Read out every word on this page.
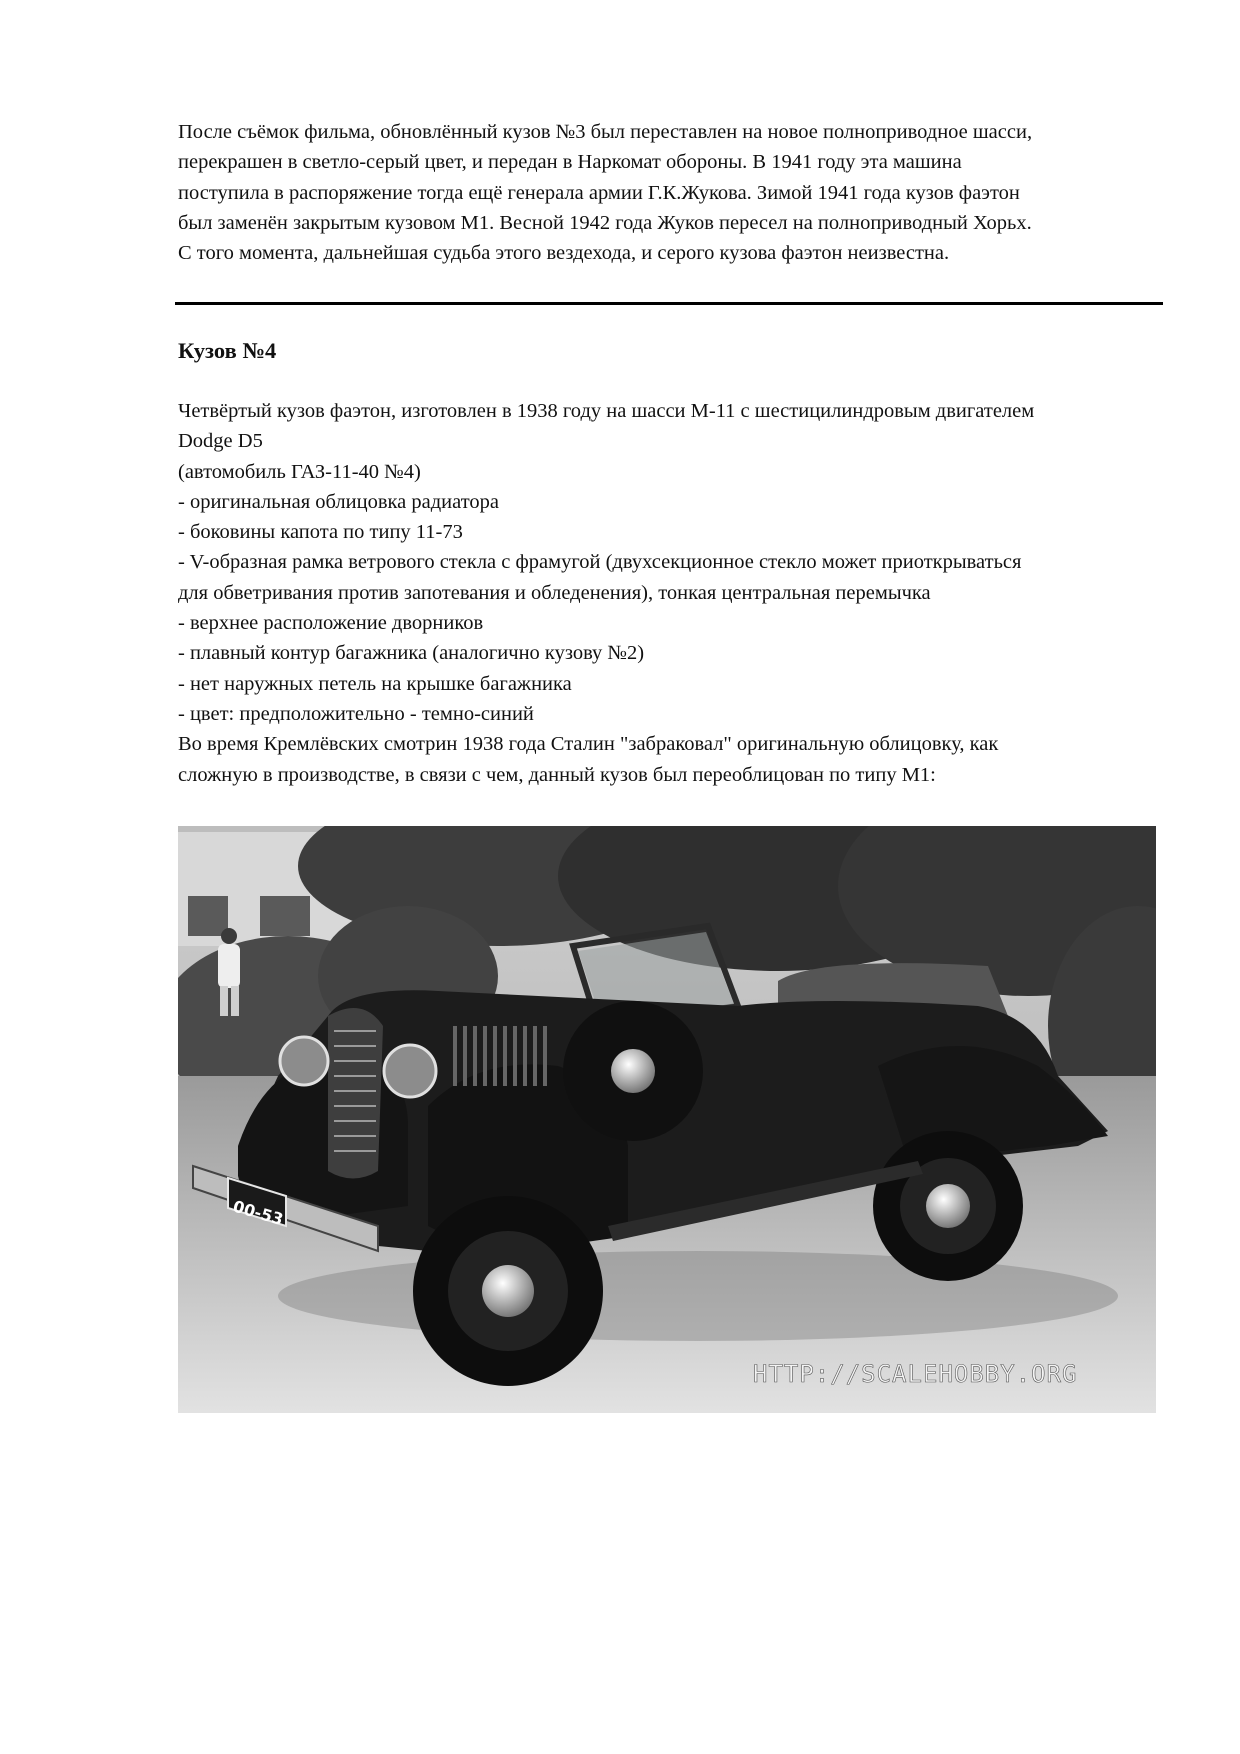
После съёмок фильма, обновлённый кузов №3 был переставлен на новое полноприводное шасси,
перекрашен в светло-серый цвет, и передан в Наркомат обороны. В 1941 году эта машина
поступила в распоряжение тогда ещё генерала армии Г.К.Жукова. Зимой 1941 года кузов фаэтон
был заменён закрытым кузовом М1. Весной 1942 года Жуков пересел на полноприводный Хорьх.
С того момента, дальнейшая судьба этого вездехода, и серого кузова фаэтон неизвестна.
Кузов №4
Четвёртый кузов фаэтон, изготовлен в 1938 году на шасси М-11 с шестицилиндровым двигателем
Dodge D5
(автомобиль ГАЗ-11-40 №4)
- оригинальная облицовка радиатора
- боковины капота по типу 11-73
- V-образная рамка ветрового стекла с фрамугой (двухсекционное стекло может приоткрываться
для обветривания против запотевания и обледенения), тонкая центральная перемычка
- верхнее расположение дворников
- плавный контур багажника (аналогично кузову №2)
- нет наружных петель на крышке багажника
- цвет: предположительно - темно-синий
Во время Кремлёвских смотрин 1938 года Сталин "забраковал" оригинальную облицовку, как
сложную в производстве, в связи с чем, данный кузов был переоблицован по типу М1:
00-53
HTTP://SCALEHOBBY.ORG
